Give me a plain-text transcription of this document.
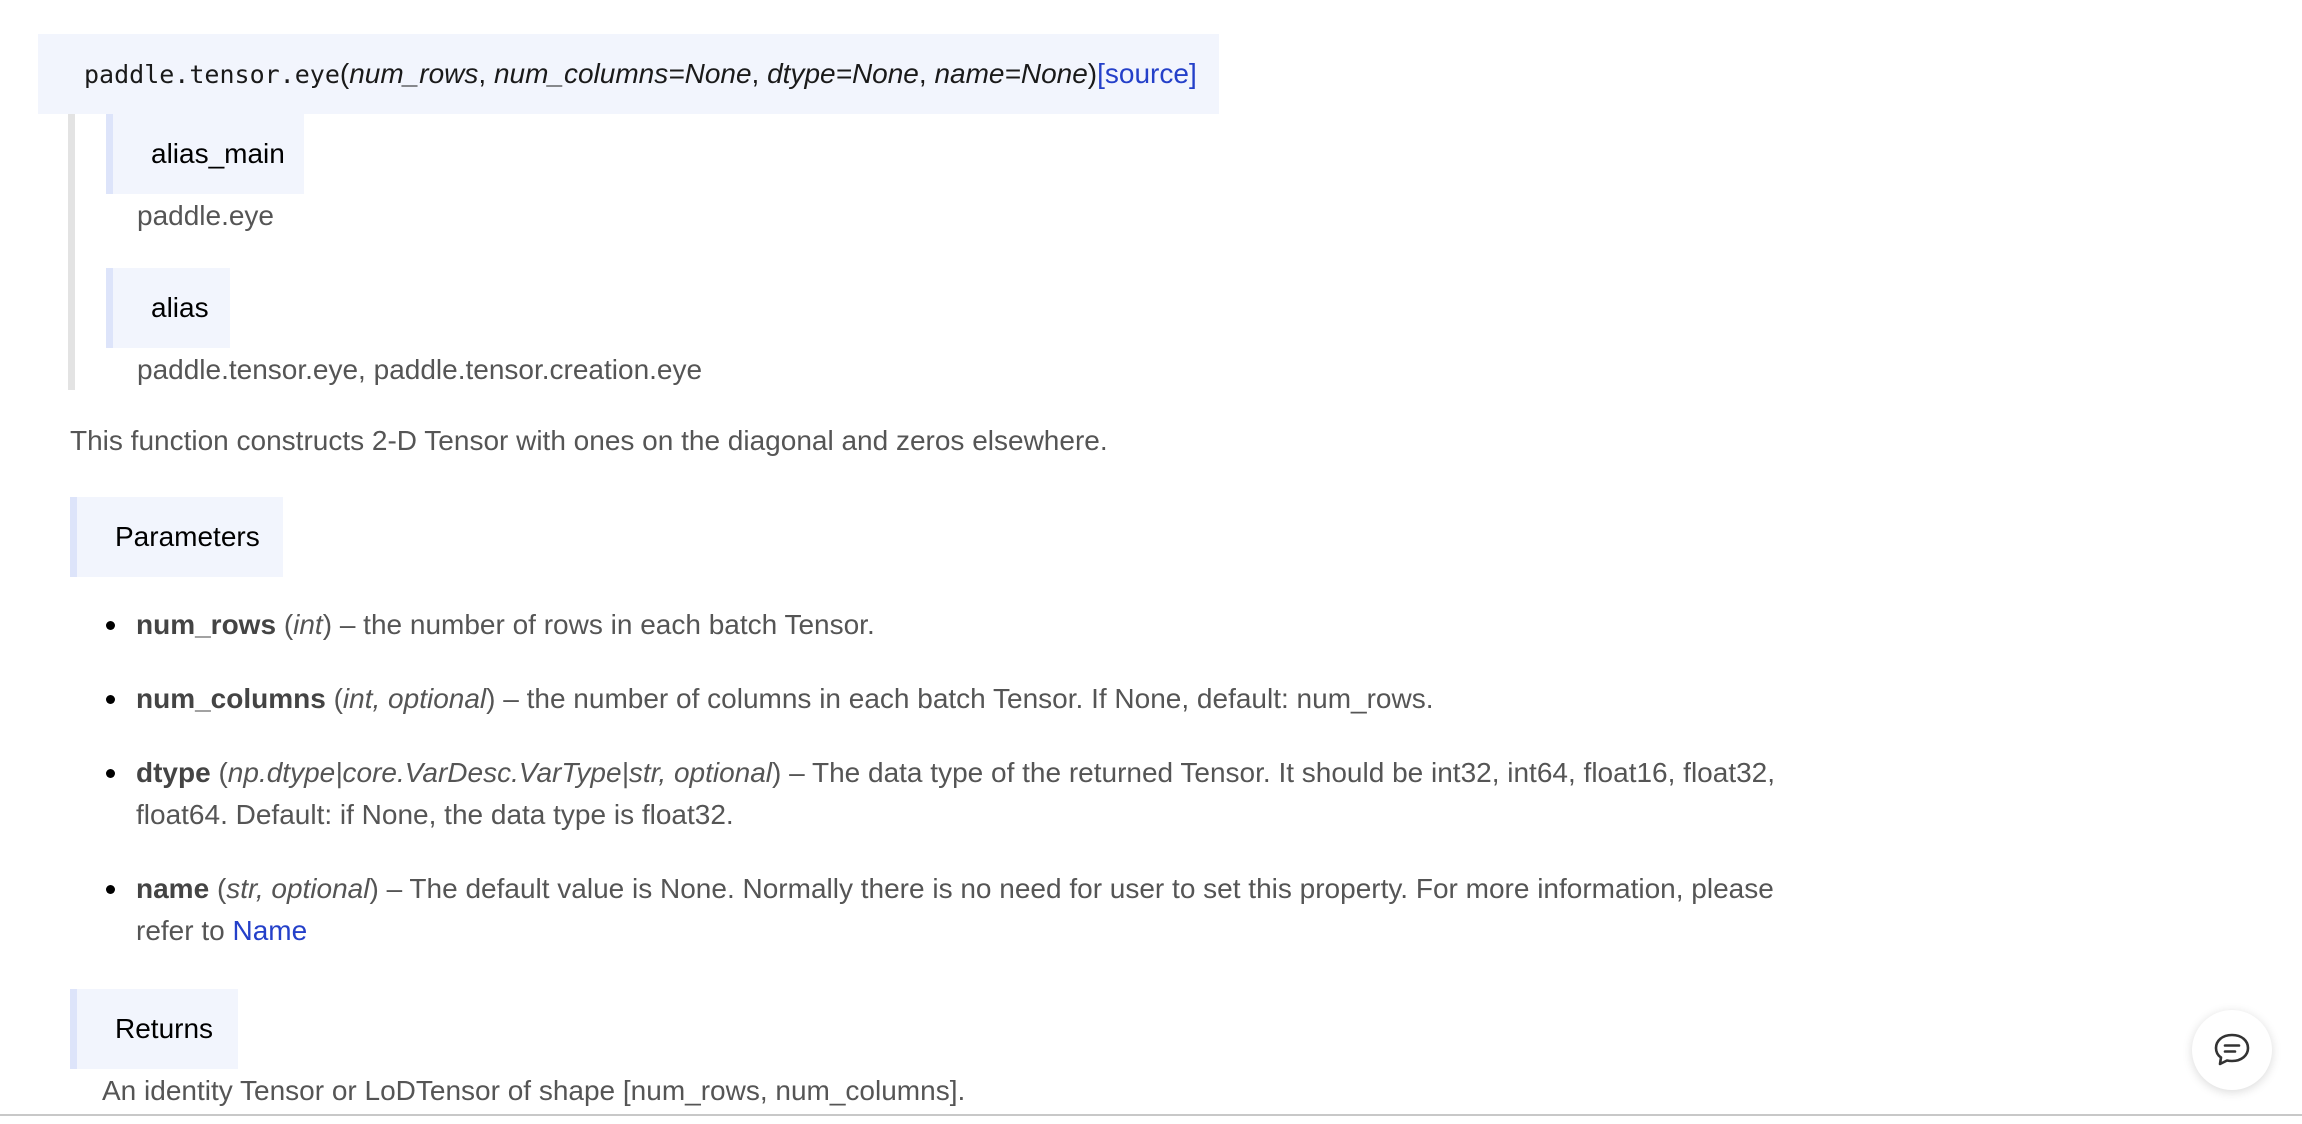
paddle.tensor. eye ( num_rows , num_columns=None , dtype=None , name=None ) [source]
alias_main
paddle.eye
alias
paddle.tensor.eye, paddle.tensor.creation.eye
This function constructs 2-D Tensor with ones on the diagonal and zeros elsewhere.
Parameters
num_rows (int) – the number of rows in each batch Tensor.
num_columns (int, optional) – the number of columns in each batch Tensor. If None, default: num_rows.
dtype (np.dtype|core.VarDesc.VarType|str, optional) – The data type of the returned Tensor. It should be int32, int64, float16, float32, float64. Default: if None, the data type is float32.
name (str, optional) – The default value is None. Normally there is no need for user to set this property. For more information, please refer to Name
Returns
An identity Tensor or LoDTensor of shape [num_rows, num_columns].
